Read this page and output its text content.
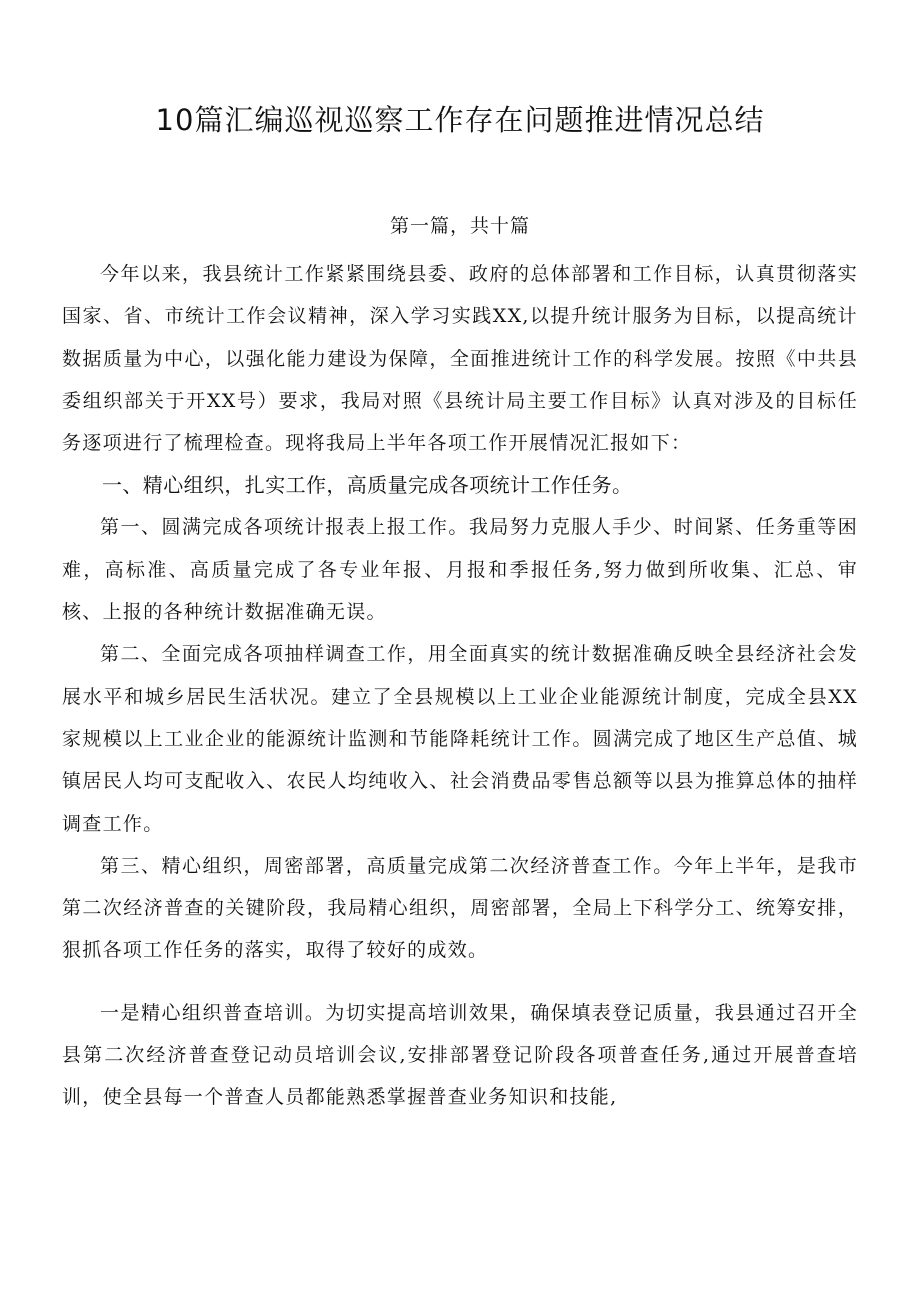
10篇汇编巡视巡察工作存在问题推进情况总结
第一篇，共十篇

今年以来，我县统计工作紧紧围绕县委、政府的总体部署和工作目标，认真贯彻落实国家、省、市统计工作会议精神，深入学习实践XX,以提升统计服务为目标，以提高统计数据质量为中心，以强化能力建设为保障，全面推进统计工作的科学发展。按照《中共县委组织部关于开XX号）要求，我局对照《县统计局主要工作目标》认真对涉及的目标任务逐项进行了梳理检查。现将我局上半年各项工作开展情况汇报如下：

一、精心组织，扎实工作，高质量完成各项统计工作任务。

第一、圆满完成各项统计报表上报工作。我局努力克服人手少、时间紧、任务重等困难，高标准、高质量完成了各专业年报、月报和季报任务,努力做到所收集、汇总、审核、上报的各种统计数据准确无误。

第二、全面完成各项抽样调查工作，用全面真实的统计数据准确反映全县经济社会发展水平和城乡居民生活状况。建立了全县规模以上工业企业能源统计制度，完成全县XX家规模以上工业企业的能源统计监测和节能降耗统计工作。圆满完成了地区生产总值、城镇居民人均可支配收入、农民人均纯收入、社会消费品零售总额等以县为推算总体的抽样调查工作。

第三、精心组织，周密部署，高质量完成第二次经济普查工作。今年上半年，是我市第二次经济普查的关键阶段，我局精心组织，周密部署，全局上下科学分工、统筹安排，狠抓各项工作任务的落实，取得了较好的成效。

一是精心组织普查培训。为切实提高培训效果，确保填表登记质量，我县通过召开全县第二次经济普查登记动员培训会议,安排部署登记阶段各项普查任务,通过开展普查培训，使全县每一个普查人员都能熟悉掌握普查业务知识和技能,
